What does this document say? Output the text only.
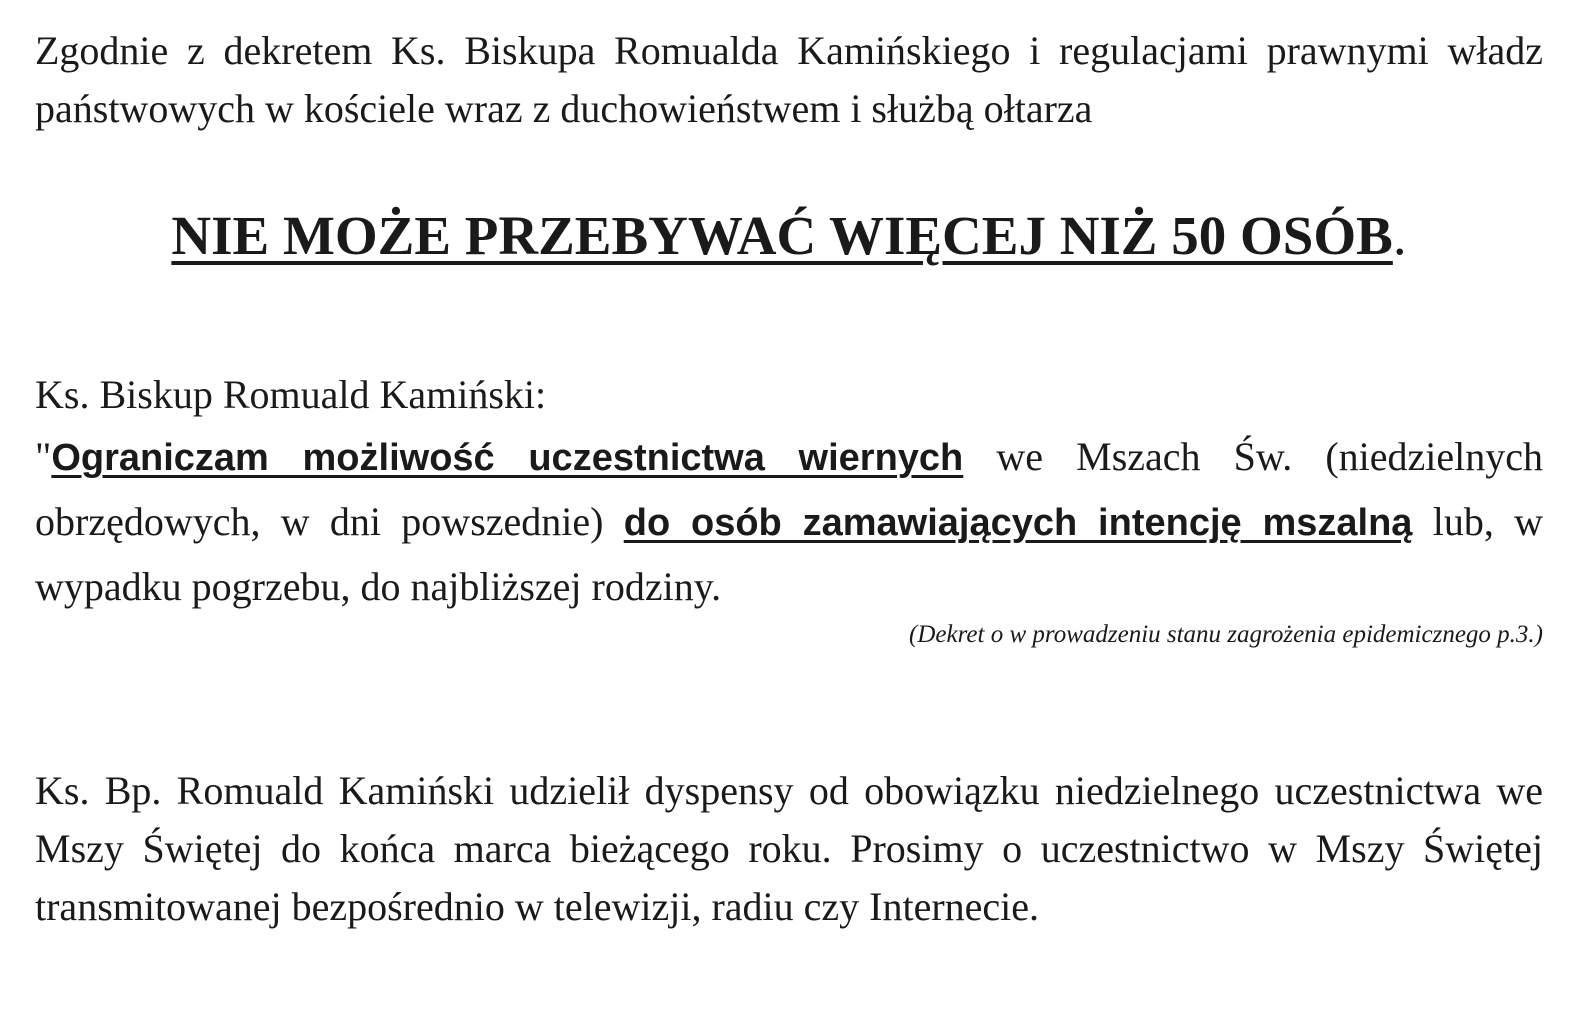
Zgodnie z dekretem Ks. Biskupa Romualda Kamińskiego i regulacjami prawnymi władz państwowych w kościele wraz z duchowieństwem i służbą ołtarza

NIE MOŻE PRZEBYWAĆ WIĘCEJ NIŻ 50 OSÓB.

Ks. Biskup Romuald Kamiński:

"Ograniczam możliwość uczestnictwa wiernych we Mszach Św. (niedzielnych obrzędowych, w dni powszednie) do osób zamawiających intencję mszalną lub, w wypadku pogrzebu, do najbliższej rodziny.

(Dekret o w prowadzeniu stanu zagrożenia epidemicznego p.3.)

Ks. Bp. Romuald Kamiński udzielił dyspensy od obowiązku niedzielnego uczestnictwa we Mszy Świętej do końca marca bieżącego roku. Prosimy o uczestnictwo w Mszy Świętej transmitowanej bezpośrednio w telewizji, radiu czy Internecie.
